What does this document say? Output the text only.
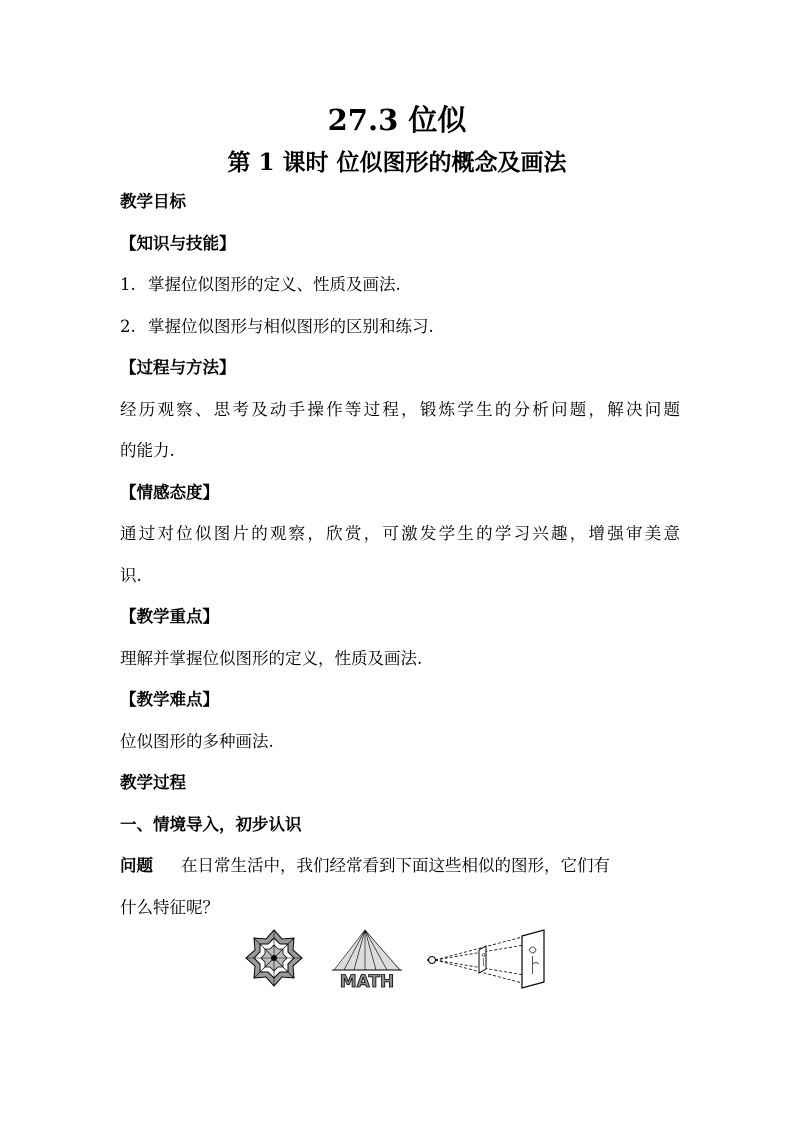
27.3 位似
第 1 课时 位似图形的概念及画法
教学目标
【知识与技能】
1. 掌握位似图形的定义、性质及画法.
2. 掌握位似图形与相似图形的区别和练习.
【过程与方法】
经历观察、思考及动手操作等过程，锻炼学生的分析问题，解决问题
的能力.
【情感态度】
通过对位似图片的观察，欣赏，可激发学生的学习兴趣，增强审美意
识.
【教学重点】
理解并掌握位似图形的定义，性质及画法.
【教学难点】
位似图形的多种画法.
教学过程
一、情境导入，初步认识
问题 在日常生活中，我们经常看到下面这些相似的图形，它们有
什么特征呢？
MATH
